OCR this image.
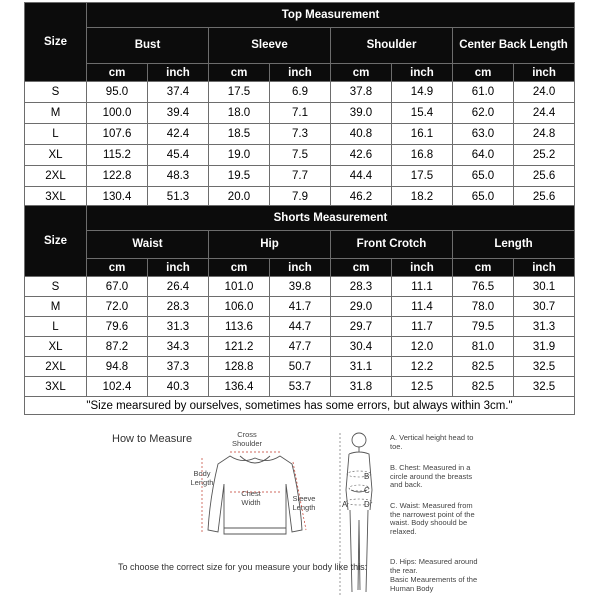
Size	Top Measurement							
	Bust		Sleeve		Shoulder		Center Back Length	
	cm	inch	cm	inch	cm	inch	cm	inch
S	95.0	37.4	17.5	6.9	37.8	14.9	61.0	24.0
M	100.0	39.4	18.0	7.1	39.0	15.4	62.0	24.4
L	107.6	42.4	18.5	7.3	40.8	16.1	63.0	24.8
XL	115.2	45.4	19.0	7.5	42.6	16.8	64.0	25.2
2XL	122.8	48.3	19.5	7.7	44.4	17.5	65.0	25.6
3XL	130.4	51.3	20.0	7.9	46.2	18.2	65.0	25.6
Size	Shorts Measurement							
	Waist		Hip		Front Crotch		Length	
	cm	inch	cm	inch	cm	inch	cm	inch
S	67.0	26.4	101.0	39.8	28.3	11.1	76.5	30.1
M	72.0	28.3	106.0	41.7	29.0	11.4	78.0	30.7
L	79.6	31.3	113.6	44.7	29.7	11.7	79.5	31.3
XL	87.2	34.3	121.2	47.7	30.4	12.0	81.0	31.9
2XL	94.8	37.3	128.8	50.7	31.1	12.2	82.5	32.5
3XL	102.4	40.3	136.4	53.7	31.8	12.5	82.5	32.5
"Size mearsured by ourselves, sometimes has some errors, but always within 3cm."								
How to Measure	Cross Shoulder
Body Length
Chest Width	Sleeve Length	A
B
C
D
A. Vertical height head to toe.
B. Chest: Measured in a circle around the breasts and back.
C. Waist: Measured from the narrowest point of the waist. Body shoould be relaxed.
D. Hips: Measured around the rear.
Basic Meaurements of the Human Body
To choose the correct size for you measure your body like this:
